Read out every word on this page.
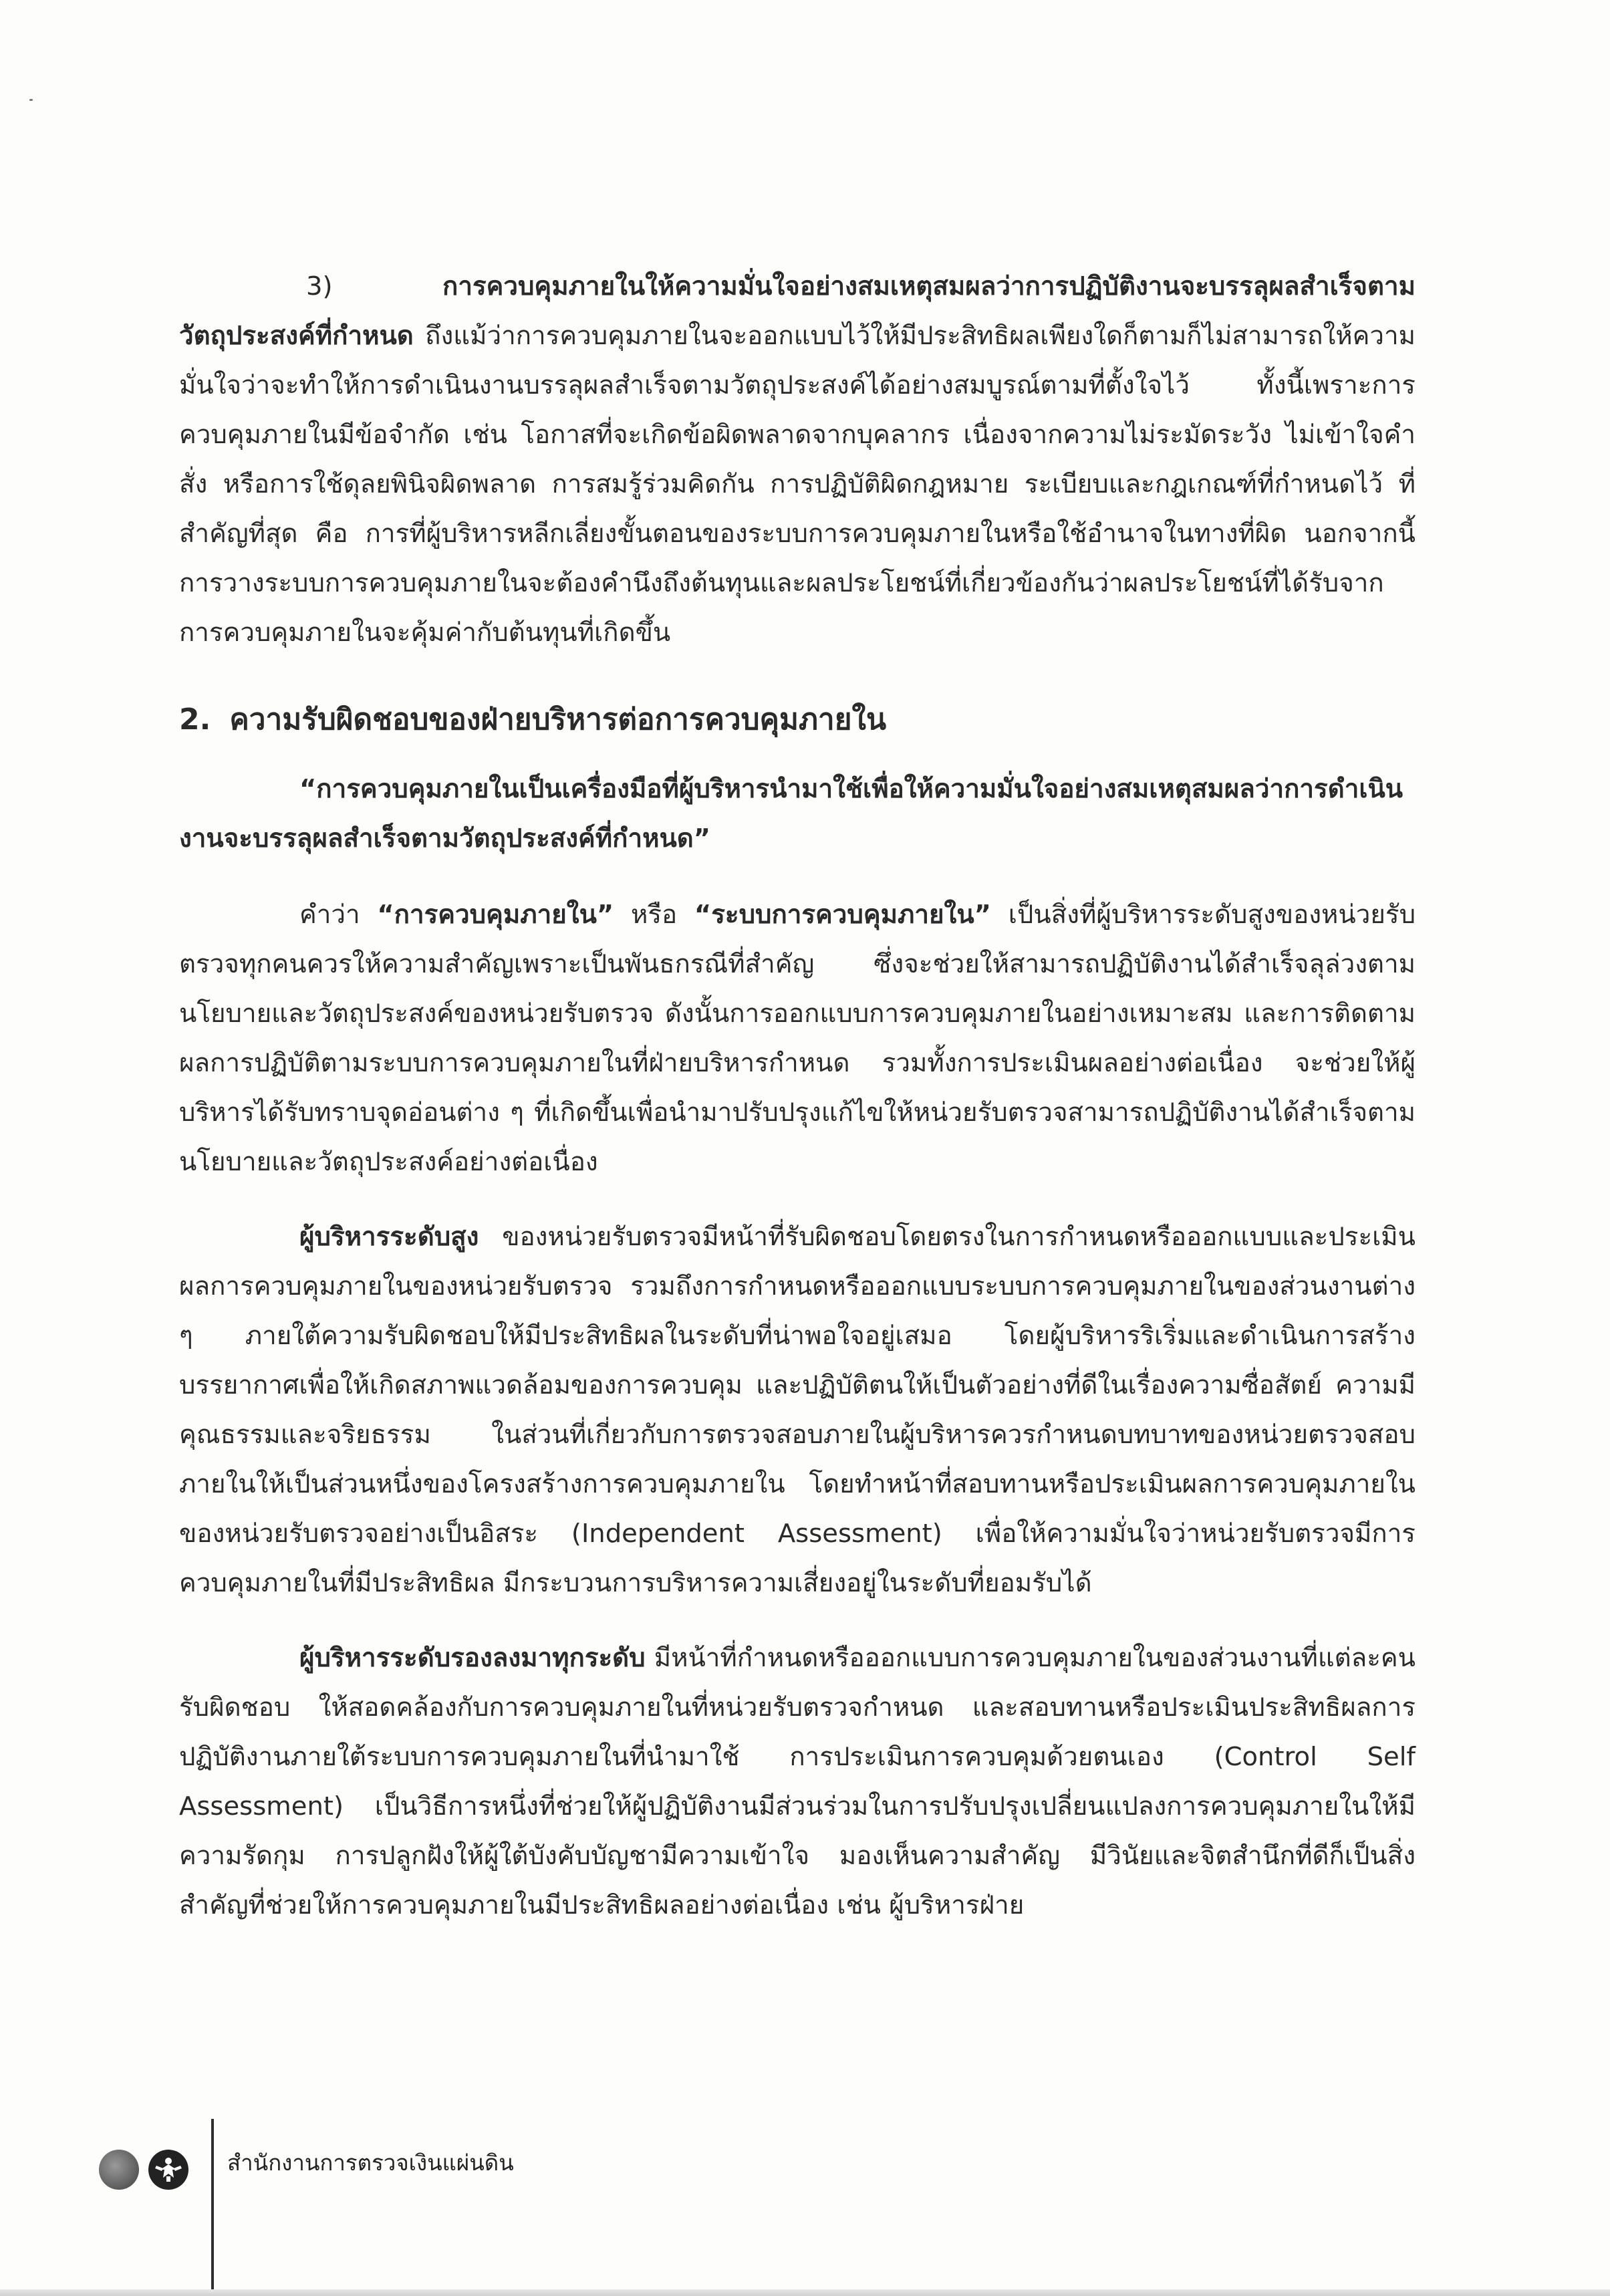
3)	การควบคุมภายในให้ความมั่นใจอย่างสมเหตุสมผลว่าการปฏิบัติงานจะบรรลุผลสำเร็จตามวัตถุประสงค์ที่กำหนด ถึงแม้ว่าการควบคุมภายในจะออกแบบไว้ให้มีประสิทธิผลเพียงใดก็ตามก็ไม่สามารถให้ความมั่นใจว่าจะทำให้การดำเนินงานบรรลุผลสำเร็จตามวัตถุประสงค์ได้อย่างสมบูรณ์ตามที่ตั้งใจไว้ ทั้งนี้เพราะการควบคุมภายในมีข้อจำกัด เช่น โอกาสที่จะเกิดข้อผิดพลาดจากบุคลากร เนื่องจากความไม่ระมัดระวัง ไม่เข้าใจคำสั่ง หรือการใช้ดุลยพินิจผิดพลาด การสมรู้ร่วมคิดกัน การปฏิบัติผิดกฎหมาย ระเบียบและกฎเกณฑ์ที่กำหนดไว้ ที่สำคัญที่สุด คือ การที่ผู้บริหารหลีกเลี่ยงขั้นตอนของระบบการควบคุมภายในหรือใช้อำนาจในทางที่ผิด นอกจากนี้การวางระบบการควบคุมภายในจะต้องคำนึงถึงต้นทุนและผลประโยชน์ที่เกี่ยวข้องกันว่าผลประโยชน์ที่ได้รับจากการควบคุมภายในจะคุ้มค่ากับต้นทุนที่เกิดขึ้น

2. ความรับผิดชอบของฝ่ายบริหารต่อการควบคุมภายใน

“การควบคุมภายในเป็นเครื่องมือที่ผู้บริหารนำมาใช้เพื่อให้ความมั่นใจอย่างสมเหตุสมผลว่าการดำเนินงานจะบรรลุผลสำเร็จตามวัตถุประสงค์ที่กำหนด”

คำว่า “การควบคุมภายใน” หรือ “ระบบการควบคุมภายใน” เป็นสิ่งที่ผู้บริหารระดับสูงของหน่วยรับตรวจทุกคนควรให้ความสำคัญเพราะเป็นพันธกรณีที่สำคัญ ซึ่งจะช่วยให้สามารถปฏิบัติงานได้สำเร็จลุล่วงตามนโยบายและวัตถุประสงค์ของหน่วยรับตรวจ ดังนั้นการออกแบบการควบคุมภายในอย่างเหมาะสม และการติดตามผลการปฏิบัติตามระบบการควบคุมภายในที่ฝ่ายบริหารกำหนด รวมทั้งการประเมินผลอย่างต่อเนื่อง จะช่วยให้ผู้บริหารได้รับทราบจุดอ่อนต่าง ๆ ที่เกิดขึ้นเพื่อนำมาปรับปรุงแก้ไขให้หน่วยรับตรวจสามารถปฏิบัติงานได้สำเร็จตามนโยบายและวัตถุประสงค์อย่างต่อเนื่อง

ผู้บริหารระดับสูง ของหน่วยรับตรวจมีหน้าที่รับผิดชอบโดยตรงในการกำหนดหรือออกแบบและประเมินผลการควบคุมภายในของหน่วยรับตรวจ รวมถึงการกำหนดหรือออกแบบระบบการควบคุมภายในของส่วนงานต่าง ๆ ภายใต้ความรับผิดชอบให้มีประสิทธิผลในระดับที่น่าพอใจอยู่เสมอ โดยผู้บริหารริเริ่มและดำเนินการสร้างบรรยากาศเพื่อให้เกิดสภาพแวดล้อมของการควบคุม และปฏิบัติตนให้เป็นตัวอย่างที่ดีในเรื่องความซื่อสัตย์ ความมีคุณธรรมและจริยธรรม ในส่วนที่เกี่ยวกับการตรวจสอบภายในผู้บริหารควรกำหนดบทบาทของหน่วยตรวจสอบภายในให้เป็นส่วนหนึ่งของโครงสร้างการควบคุมภายใน โดยทำหน้าที่สอบทานหรือประเมินผลการควบคุมภายในของหน่วยรับตรวจอย่างเป็นอิสระ (Independent Assessment) เพื่อให้ความมั่นใจว่าหน่วยรับตรวจมีการควบคุมภายในที่มีประสิทธิผล มีกระบวนการบริหารความเสี่ยงอยู่ในระดับที่ยอมรับได้

ผู้บริหารระดับรองลงมาทุกระดับ มีหน้าที่กำหนดหรือออกแบบการควบคุมภายในของส่วนงานที่แต่ละคนรับผิดชอบ ให้สอดคล้องกับการควบคุมภายในที่หน่วยรับตรวจกำหนด และสอบทานหรือประเมินประสิทธิผลการปฏิบัติงานภายใต้ระบบการควบคุมภายในที่นำมาใช้ การประเมินการควบคุมด้วยตนเอง (Control Self Assessment) เป็นวิธีการหนึ่งที่ช่วยให้ผู้ปฏิบัติงานมีส่วนร่วมในการปรับปรุงเปลี่ยนแปลงการควบคุมภายในให้มีความรัดกุม การปลูกฝังให้ผู้ใต้บังคับบัญชามีความเข้าใจ มองเห็นความสำคัญ มีวินัยและจิตสำนึกที่ดีก็เป็นสิ่งสำคัญที่ช่วยให้การควบคุมภายในมีประสิทธิผลอย่างต่อเนื่อง เช่น ผู้บริหารฝ่าย

สำนักงานการตรวจเงินแผ่นดิน
